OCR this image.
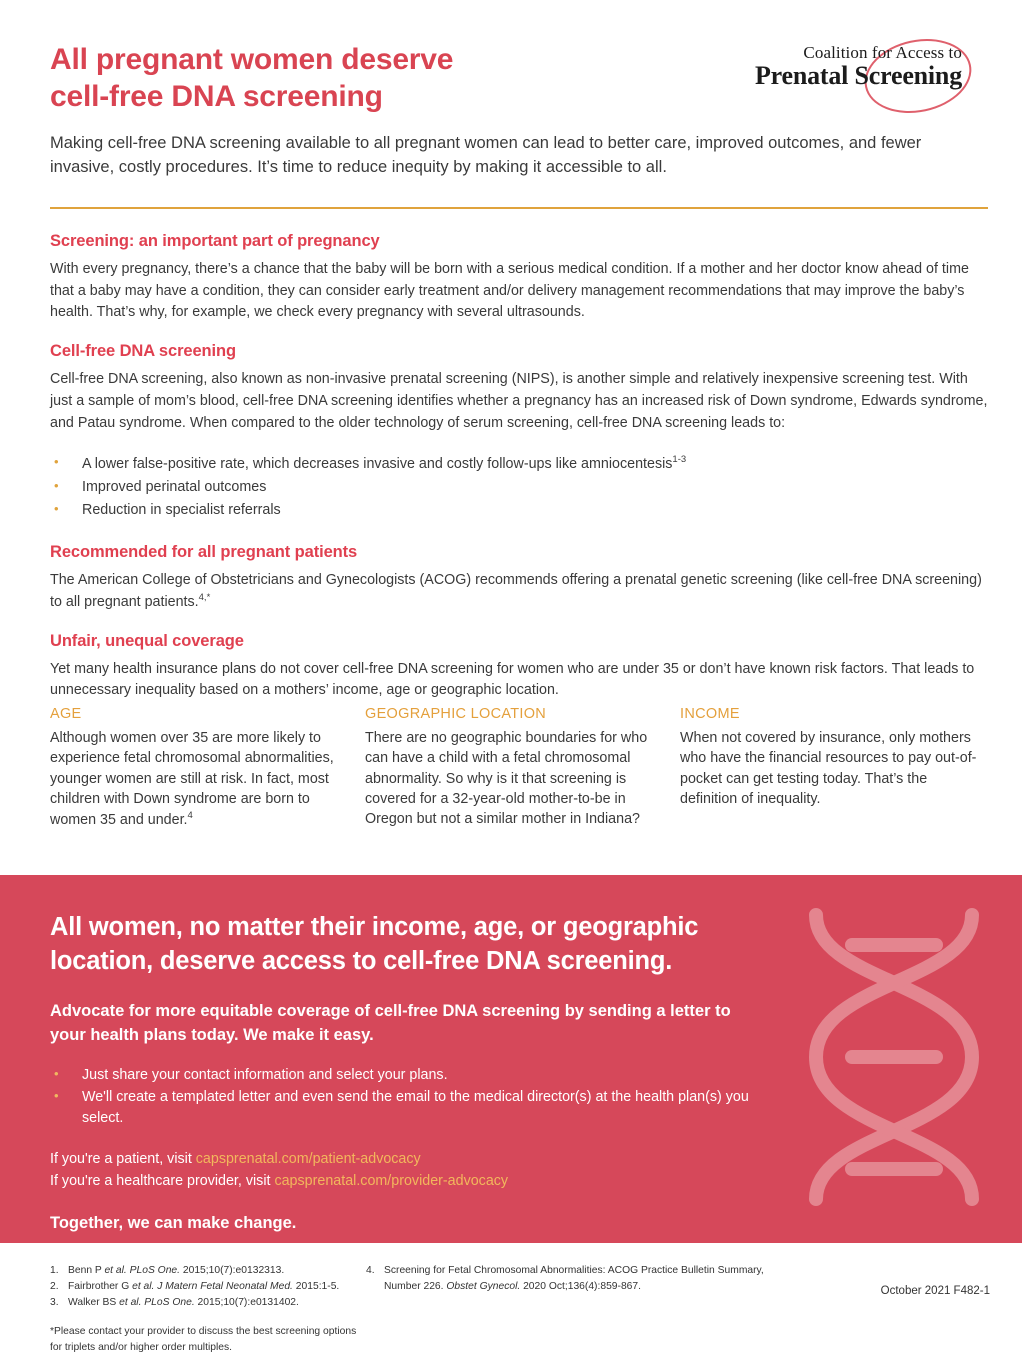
All pregnant women deserve
cell-free DNA screening
Coalition for Access to
Prenatal Screening
Making cell-free DNA screening available to all pregnant women can lead to better care, improved outcomes, and fewer invasive, costly procedures. It’s time to reduce inequity by making it accessible to all.
Screening: an important part of pregnancy

With every pregnancy, there’s a chance that the baby will be born with a serious medical condition. If a mother and her doctor know ahead of time that a baby may have a condition, they can consider early treatment and/or delivery management recommendations that may improve the baby’s health. That’s why, for example, we check every pregnancy with several ultrasounds.

Cell-free DNA screening

Cell-free DNA screening, also known as non-invasive prenatal screening (NIPS), is another simple and relatively inexpensive screening test. With just a sample of mom’s blood, cell-free DNA screening identifies whether a pregnancy has an increased risk of Down syndrome, Edwards syndrome, and Patau syndrome. When compared to the older technology of serum screening, cell-free DNA screening leads to:

• A lower false-positive rate, which decreases invasive and costly follow-ups like amniocentesis$^{1-3}$
• Improved perinatal outcomes
• Reduction in specialist referrals
Recommended for all pregnant patients

The American College of Obstetricians and Gynecologists (ACOG) recommends offering a prenatal genetic screening (like cell-free DNA screening) to all pregnant patients.$^{4,*}$

Unfair, unequal coverage

Yet many health insurance plans do not cover cell-free DNA screening for women who are under 35 or don’t have known risk factors. That leads to unnecessary inequality based on a mothers’ income, age or geographic location.

AGE
Although women over 35 are more likely to experience fetal chromosomal abnormalities, younger women are still at risk. In fact, most children with Down syndrome are born to women 35 and under.$^4$
GEOGRAPHIC LOCATION
There are no geographic boundaries for who can have a child with a fetal chromosomal abnormality. So why is it that screening is covered for a 32-year-old mother-to-be in Oregon but not a similar mother in Indiana?
INCOME
When not covered by insurance, only mothers who have the financial resources to pay out-of-pocket can get testing today. That’s the definition of inequality.
All women, no matter their income, age, or geographic location, deserve access to cell-free DNA screening.
Advocate for more equitable coverage of cell-free DNA screening by sending a letter to your health plans today. We make it easy.
• Just share your contact information and select your plans.
• We'll create a templated letter and even send the email to the medical director(s) at the health plan(s) you select.
If you're a patient, visit capsprenatal.com/patient-advocacy
If you're a healthcare provider, visit capsprenatal.com/provider-advocacy
Together, we can make change.
1. Benn P et al. PLoS One. 2015;10(7):e0132313.
2. Fairbrother G et al. J Matern Fetal Neonatal Med. 2015:1-5.
3. Walker BS et al. PLoS One. 2015;10(7):e0131402.
*Please contact your provider to discuss the best screening options for triplets and/or higher order multiples.
4. Screening for Fetal Chromosomal Abnormalities: ACOG Practice Bulletin Summary, Number 226. Obstet Gynecol. 2020 Oct;136(4):859-867.	October 2021 F482-1
